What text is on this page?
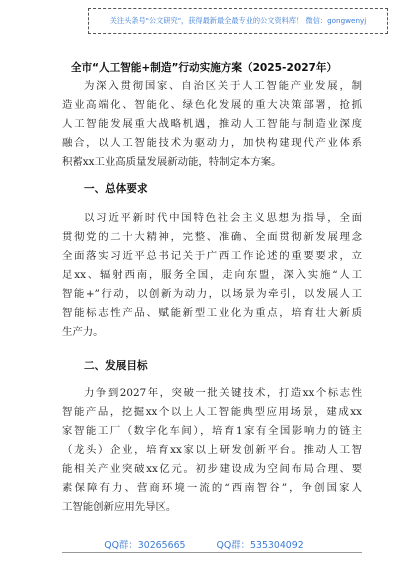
关注头条号"公文研究"，获得最新最全最专业的公文资料库！ 微信：gongwenyj
全市“人工智能+制造”行动实施方案（2025-2027年）
为深入贯彻国家、自治区关于人工智能产业发展，制
造业高端化、智能化、绿色化发展的重大决策部署，抢抓
人工智能发展重大战略机遇，推动人工智能与制造业深度
融合，以人工智能技术为驱动力，加快构建现代产业体系
积蓄xx工业高质量发展新动能，特制定本方案。
一、总体要求
以习近平新时代中国特色社会主义思想为指导，全面
贯彻党的二十大精神，完整、准确、全面贯彻新发展理念
全面落实习近平总书记关于广西工作论述的重要要求，立
足xx、辐射西南，服务全国，走向东盟，深入实施“人工
智能+”行动，以创新为动力，以场景为牵引，以发展人工
智能标志性产品、赋能新型工业化为重点，培育壮大新质
生产力。
二、发展目标
力争到2027年，突破一批关键技术，打造xx个标志性
智能产品，挖掘xx个以上人工智能典型应用场景，建成xx
家智能工厂（数字化车间），培育1家有全国影响力的链主
（龙头）企业，培育xx家以上研发创新平台。推动人工智
能相关产业突破xx亿元。初步建设成为空间布局合理、要
素保障有力、营商环境一流的“西南智谷”，争创国家人
工智能创新应用先导区。
QQ群：30265665	QQ群：535304092
